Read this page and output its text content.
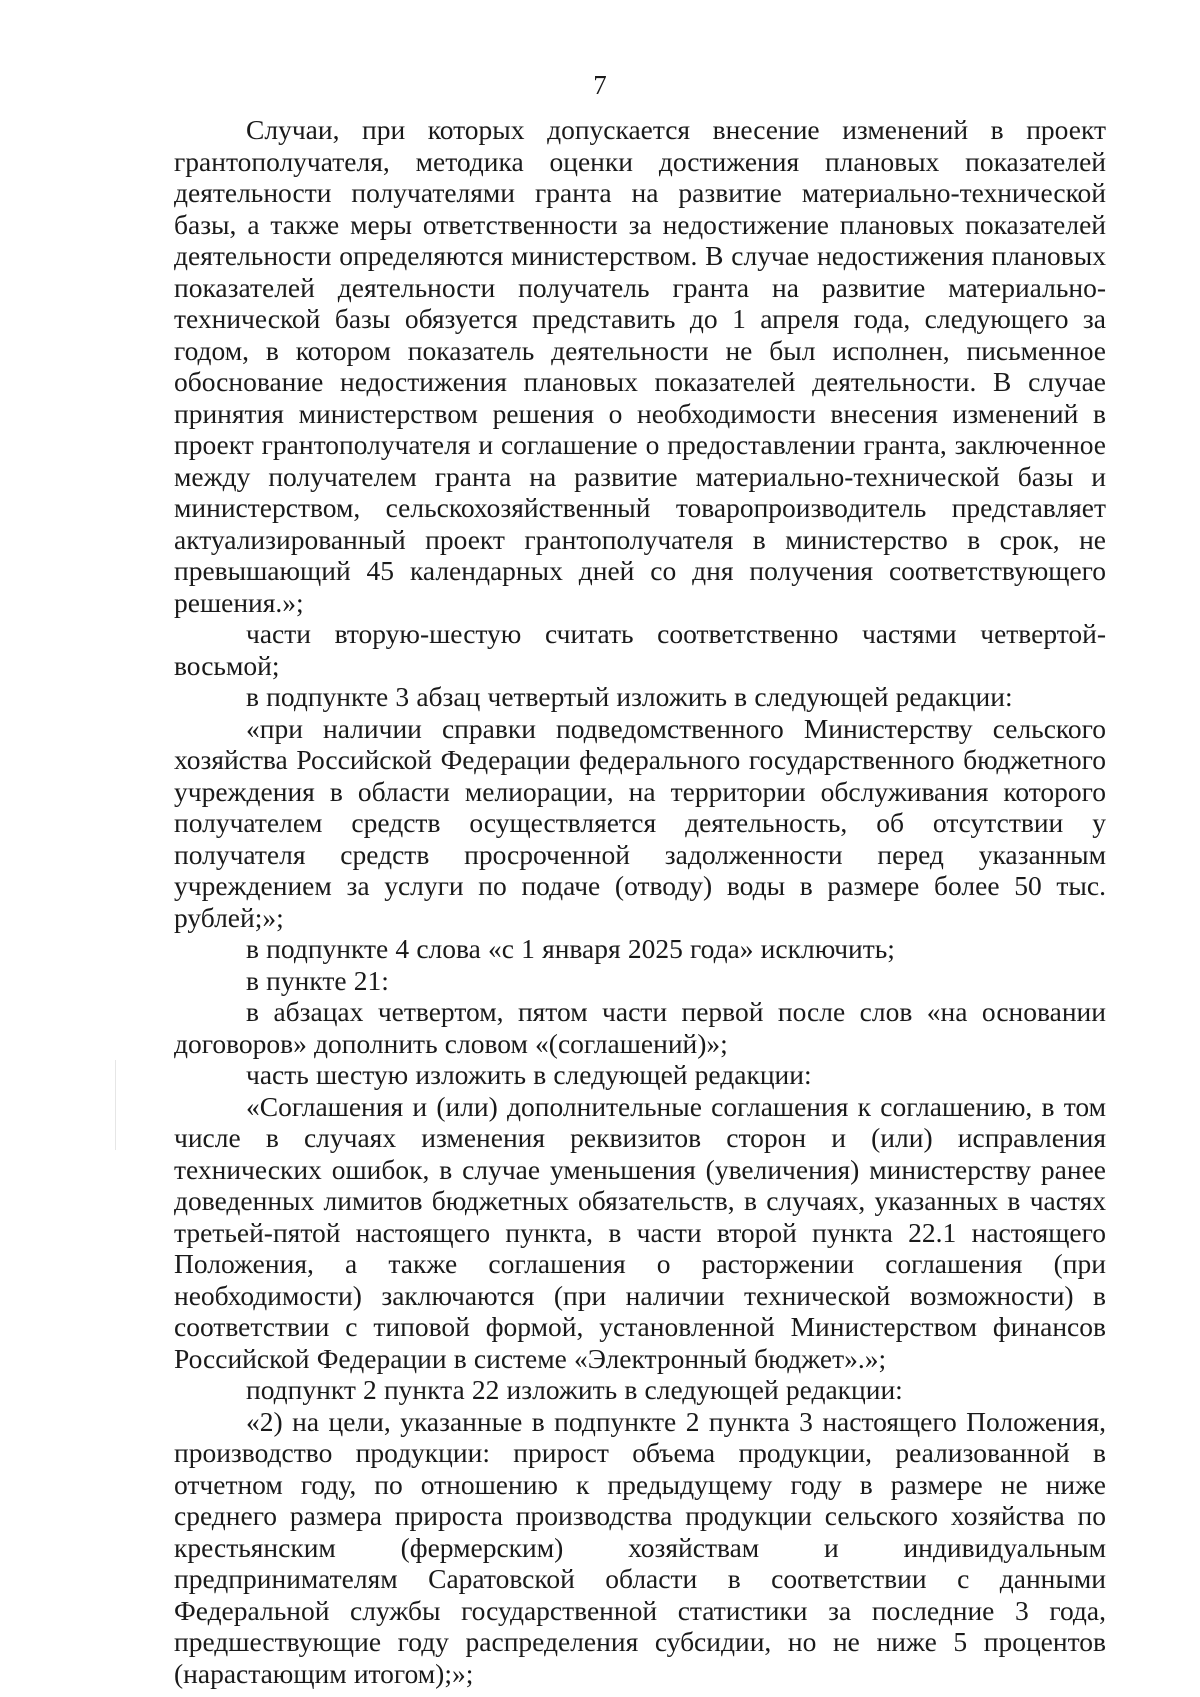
7

Случаи, при которых допускается внесение изменений в проект грантополучателя, методика оценки достижения плановых показателей деятельности получателями гранта на развитие материально-технической базы, а также меры ответственности за недостижение плановых показателей деятельности определяются министерством. В случае недостижения плановых показателей деятельности получатель гранта на развитие материально-технической базы обязуется представить до 1 апреля года, следующего за годом, в котором показатель деятельности не был исполнен, письменное обоснование недостижения плановых показателей деятельности. В случае принятия министерством решения о необходимости внесения изменений в проект грантополучателя и соглашение о предоставлении гранта, заключенное между получателем гранта на развитие материально-технической базы и министерством, сельскохозяйственный товаропроизводитель представляет актуализированный проект грантополучателя в министерство в срок, не превышающий 45 календарных дней со дня получения соответствующего решения.»;

части вторую-шестую считать соответственно частями четвертой-восьмой;

в подпункте 3 абзац четвертый изложить в следующей редакции:

«при наличии справки подведомственного Министерству сельского хозяйства Российской Федерации федерального государственного бюджетного учреждения в области мелиорации, на территории обслуживания которого получателем средств осуществляется деятельность, об отсутствии у получателя средств просроченной задолженности перед указанным учреждением за услуги по подаче (отводу) воды в размере более 50 тыс. рублей;»;

в подпункте 4 слова «с 1 января 2025 года» исключить;

в пункте 21:

в абзацах четвертом, пятом части первой после слов «на основании договоров» дополнить словом «(соглашений)»;

часть шестую изложить в следующей редакции:

«Соглашения и (или) дополнительные соглашения к соглашению, в том числе в случаях изменения реквизитов сторон и (или) исправления технических ошибок, в случае уменьшения (увеличения) министерству ранее доведенных лимитов бюджетных обязательств, в случаях, указанных в частях третьей-пятой настоящего пункта, в части второй пункта 22.1 настоящего Положения, а также соглашения о расторжении соглашения (при необходимости) заключаются (при наличии технической возможности) в соответствии с типовой формой, установленной Министерством финансов Российской Федерации в системе «Электронный бюджет».»;

подпункт 2 пункта 22 изложить в следующей редакции:

«2) на цели, указанные в подпункте 2 пункта 3 настоящего Положения, производство продукции: прирост объема продукции, реализованной в отчетном году, по отношению к предыдущему году в размере не ниже среднего размера прироста производства продукции сельского хозяйства по крестьянским (фермерским) хозяйствам и индивидуальным предпринимателям Саратовской области в соответствии с данными Федеральной службы государственной статистики за последние 3 года, предшествующие году распределения субсидии, но не ниже 5 процентов (нарастающим итогом);»;
